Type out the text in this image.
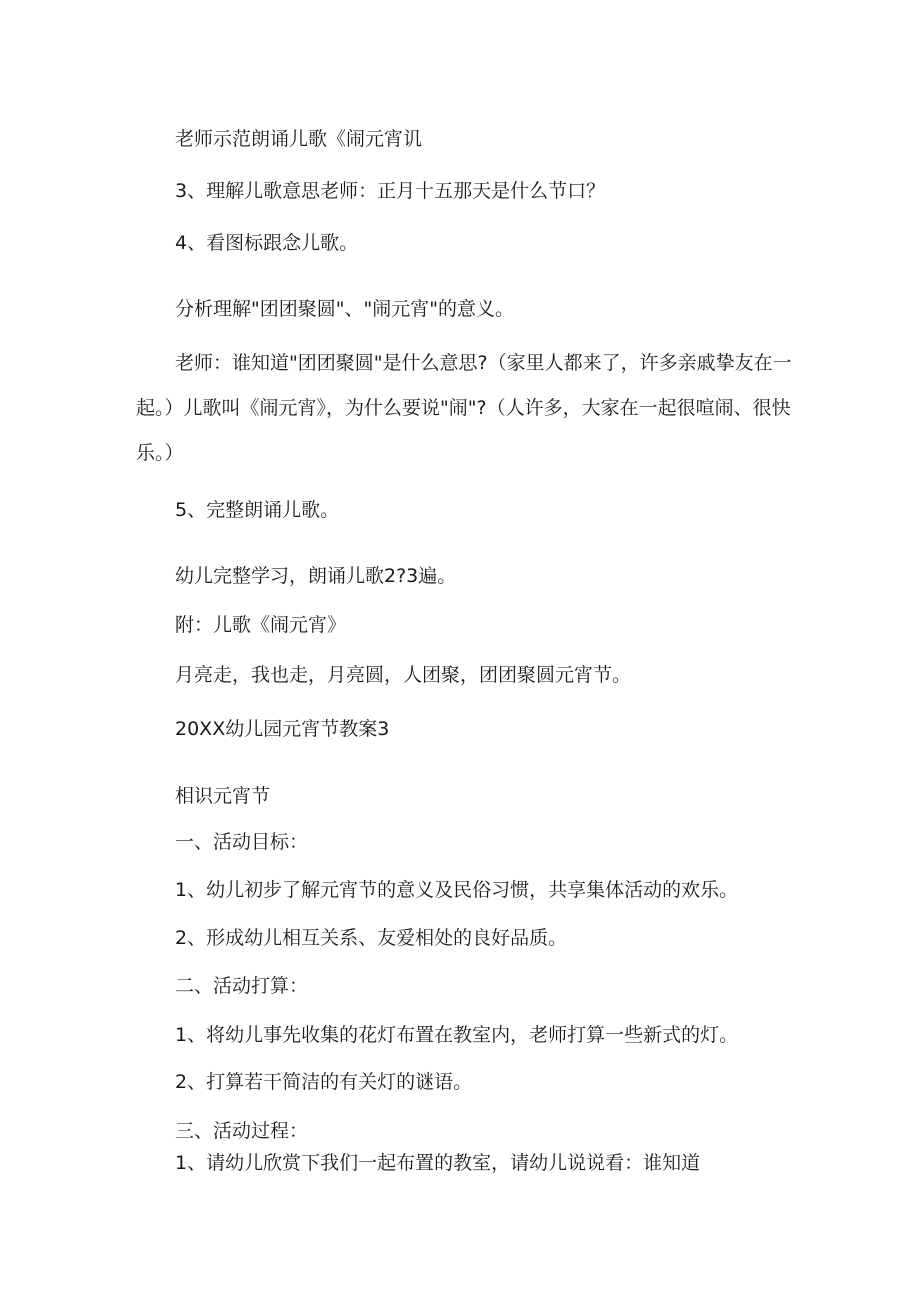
老师示范朗诵儿歌《闹元宵讥
3、理解儿歌意思老师：正月十五那天是什么节口？
4、看图标跟念儿歌。
分析理解"团团聚圆"、"闹元宵"的意义。
老师：谁知道"团团聚圆"是什么意思?（家里人都来了，许多亲戚挚友在一起。）儿歌叫《闹元宵》，为什么要说"闹"?（人许多，大家在一起很喧闹、很快乐。）
5、完整朗诵儿歌。
幼儿完整学习，朗诵儿歌2?3遍。
附：儿歌《闹元宵》
月亮走，我也走，月亮圆，人团聚，团团聚圆元宵节。
20XX幼儿园元宵节教案3
相识元宵节
一、活动目标：
1、幼儿初步了解元宵节的意义及民俗习惯，共享集体活动的欢乐。
2、形成幼儿相互关系、友爱相处的良好品质。
二、活动打算：
1、将幼儿事先收集的花灯布置在教室内，老师打算一些新式的灯。
2、打算若干简洁的有关灯的谜语。
三、活动过程：
1、请幼儿欣赏下我们一起布置的教室，请幼儿说说看：谁知道
